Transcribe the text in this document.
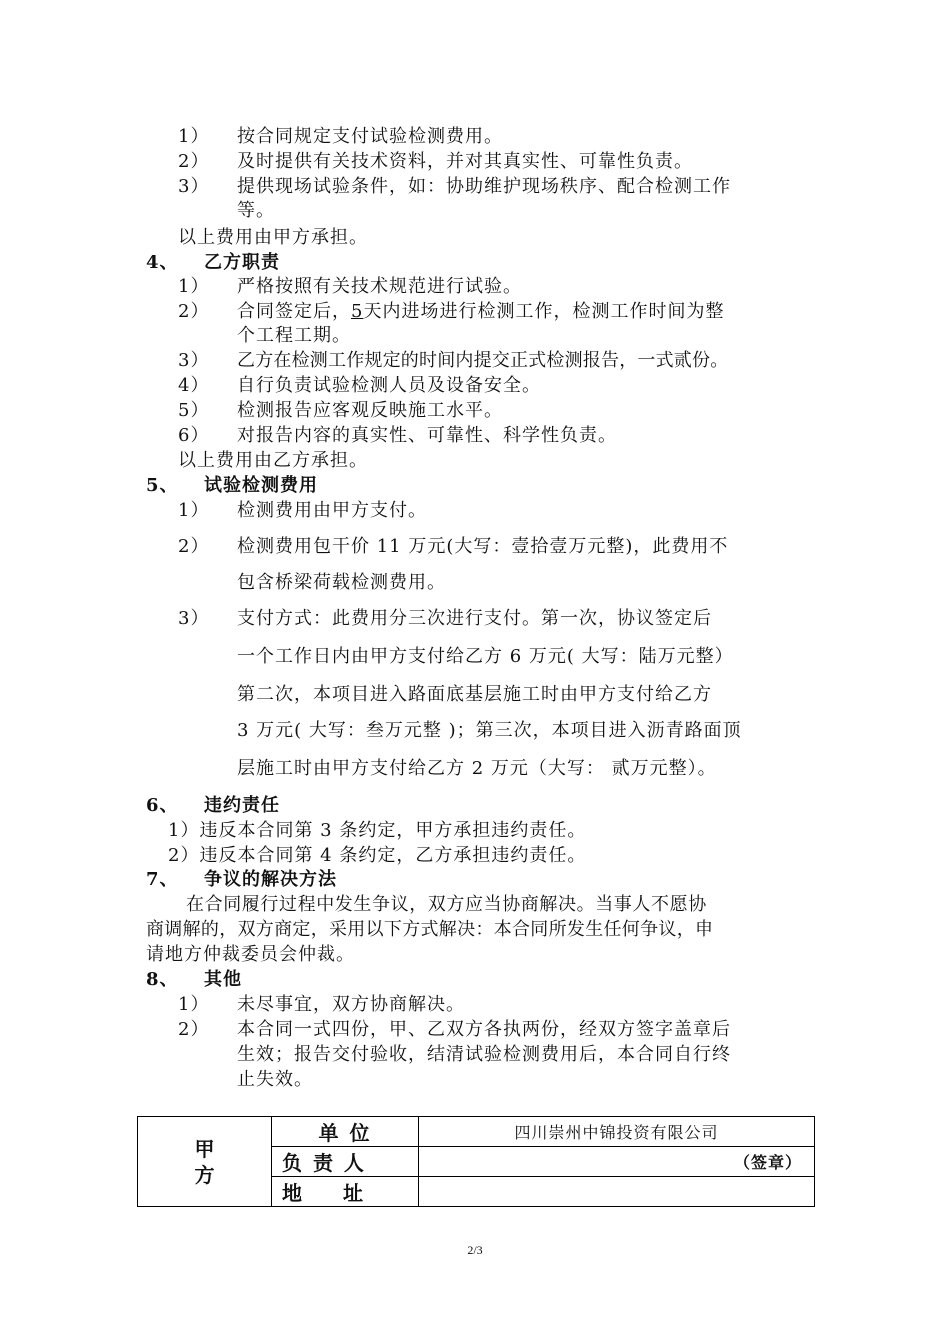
1） 按合同规定支付试验检测费用。
2） 及时提供有关技术资料，并对其真实性、可靠性负责。
3） 提供现场试验条件，如：协助维护现场秩序、配合检测工作
等。
以上费用由甲方承担。
4、 乙方职责
1） 严格按照有关技术规范进行试验。
2） 合同签定后，5天内进场进行检测工作，检测工作时间为整
个工程工期。
3） 乙方在检测工作规定的时间内提交正式检测报告，一式贰份。
4） 自行负责试验检测人员及设备安全。
5） 检测报告应客观反映施工水平。
6） 对报告内容的真实性、可靠性、科学性负责。
以上费用由乙方承担。
5、 试验检测费用
1） 检测费用由甲方支付。
2） 检测费用包干价 11 万元(大写：壹拾壹万元整)，此费用不
包含桥梁荷载检测费用。
3） 支付方式：此费用分三次进行支付。第一次，协议签定后
一个工作日内由甲方支付给乙方 6 万元( 大写：陆万元整）
第二次，本项目进入路面底基层施工时由甲方支付给乙方
3 万元( 大写：叁万元整 )；第三次，本项目进入沥青路面顶
层施工时由甲方支付给乙方 2 万元（大写： 贰万元整）。
6、 违约责任
1）违反本合同第 3 条约定，甲方承担违约责任。
2）违反本合同第 4 条约定，乙方承担违约责任。
7、 争议的解决方法
在合同履行过程中发生争议，双方应当协商解决。当事人不愿协
商调解的，双方商定，采用以下方式解决：本合同所发生任何争议，申
请地方仲裁委员会仲裁。
8、 其他
1） 未尽事宜，双方协商解决。
2） 本合同一式四份，甲、乙双方各执两份，经双方签字盖章后
生效；报告交付验收，结清试验检测费用后，本合同自行终
止失效。
甲方	单 位	四川崇州中锦投资有限公司
	负 责 人	（签章）
	地 址	
2/3
